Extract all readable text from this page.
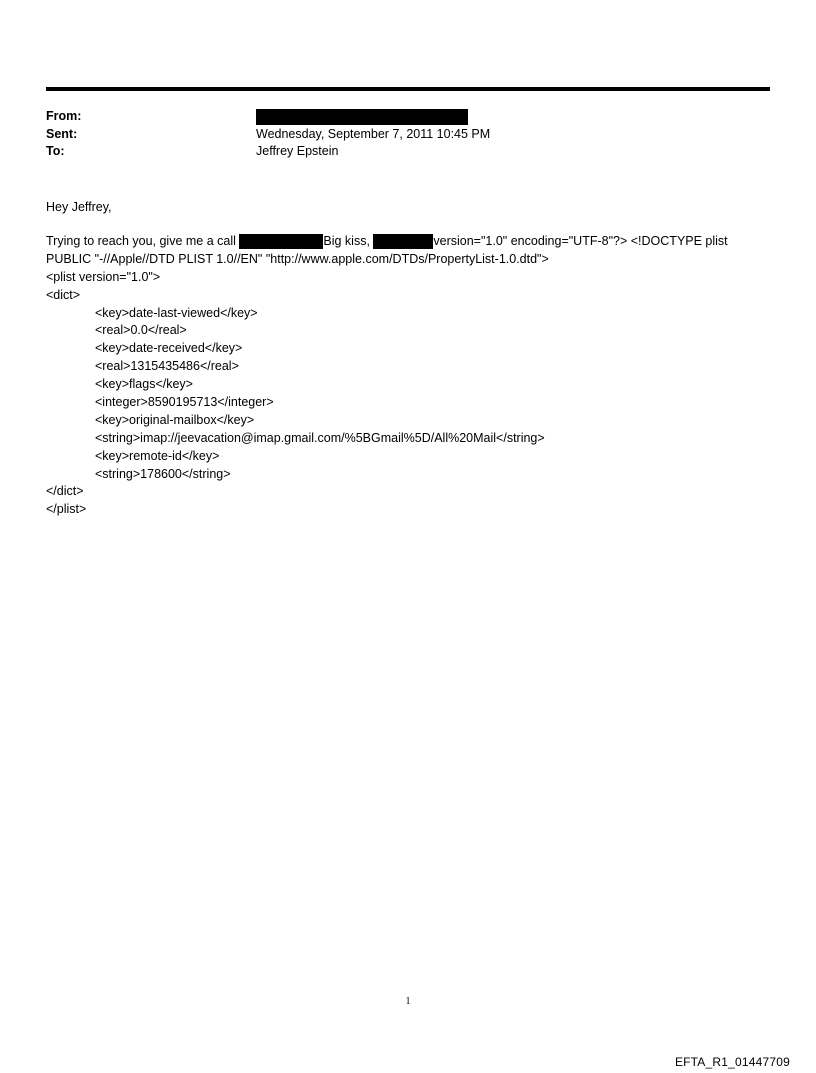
From:
Sent:	Wednesday, September 7, 2011 10:45 PM
To:	Jeffrey Epstein
Hey Jeffrey,
Trying to reach you, give me a call	Big kiss,	version="1.0" encoding="UTF-8"?> <!DOCTYPE plist
PUBLIC "-//Apple//DTD PLIST 1.0//EN" "http://www.apple.com/DTDs/PropertyList-1.0.dtd">
<plist version="1.0">
<dict>
<key>date-last-viewed</key>
<real>0.0</real>
<key>date-received</key>
<real>1315435486</real>
<key>flags</key>
<integer>8590195713</integer>
<key>original-mailbox</key>
<string>imap://jeevacation@imap.gmail.com/%5BGmail%5D/All%20Mail</string>
<key>remote-id</key>
<string>178600</string>
</dict>
</plist>
1
EFTA_R1_01447709
